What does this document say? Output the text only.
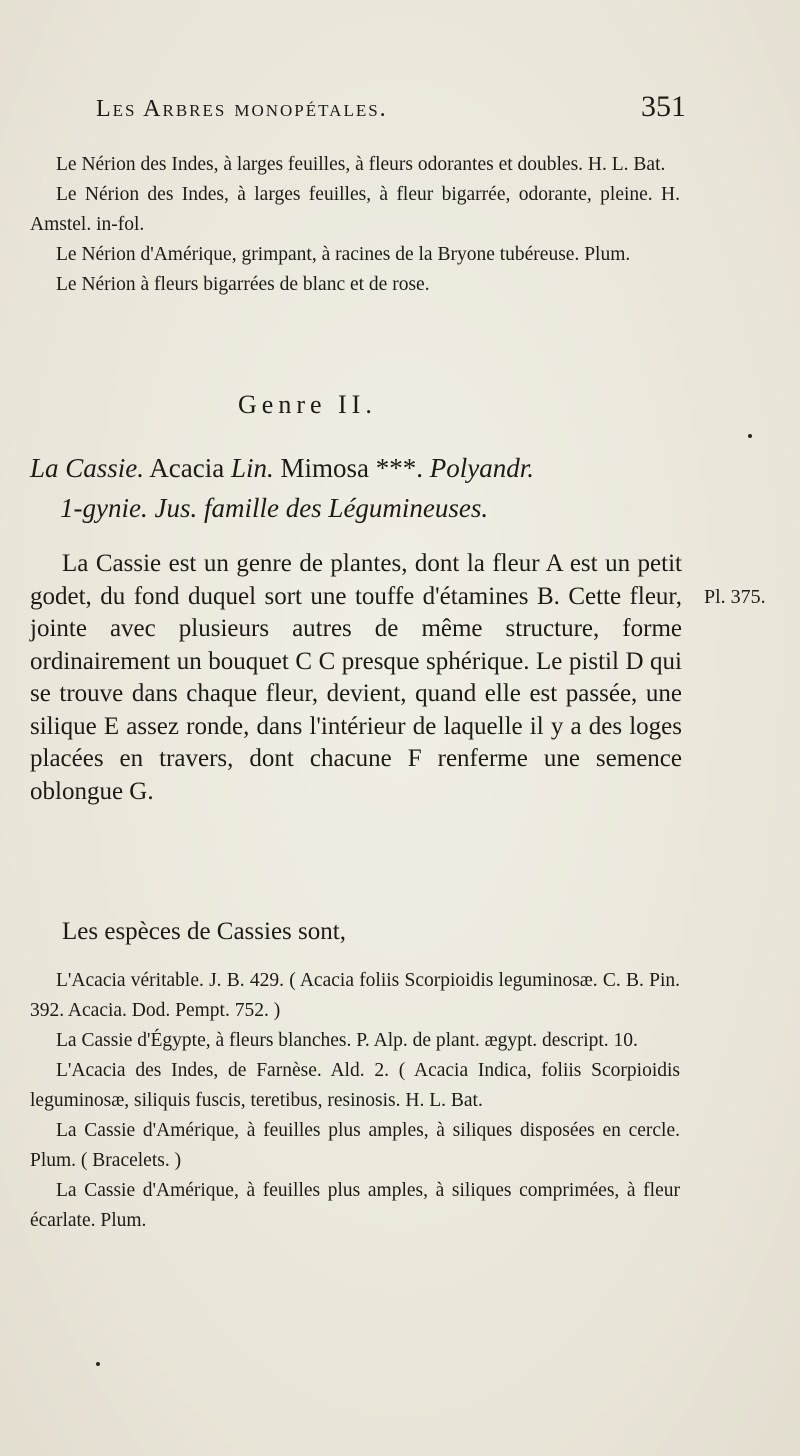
Les Arbres monopétales.	351

Le Nérion des Indes, à larges feuilles, à fleurs odorantes et doubles. H. L. Bat.

Le Nérion des Indes, à larges feuilles, à fleur bigarrée, odorante, pleine. H. Amstel. in-fol.

Le Nérion d'Amérique, grimpant, à racines de la Bryone tubéreuse. Plum.

Le Nérion à fleurs bigarrées de blanc et de rose.

Genre II.
La Cassie. Acacia Lin. Mimosa ***. Polyandr.
1-gynie. Jus. famille des Légumineuses.

La Cassie est un genre de plantes, dont la fleur A est un petit godet, du fond duquel sort une touffe d'étamines B. Cette fleur, jointe avec plusieurs autres de même structure, forme ordinairement un bouquet C C presque sphérique. Le pistil D qui se trouve dans chaque fleur, devient, quand elle est passée, une silique E assez ronde, dans l'intérieur de laquelle il y a des loges placées en travers, dont chacune F renferme une semence oblongue G.

Pl. 375.
Les espèces de Cassies sont,

L'Acacia véritable. J. B. 429. ( Acacia foliis Scorpioidis leguminosæ. C. B. Pin. 392. Acacia. Dod. Pempt. 752. )

La Cassie d'Égypte, à fleurs blanches. P. Alp. de plant. ægypt. descript. 10.

L'Acacia des Indes, de Farnèse. Ald. 2. ( Acacia Indica, foliis Scorpioidis leguminosæ, siliquis fuscis, teretibus, resinosis. H. L. Bat.

La Cassie d'Amérique, à feuilles plus amples, à siliques disposées en cercle. Plum. ( Bracelets. )

La Cassie d'Amérique, à feuilles plus amples, à siliques comprimées, à fleur écarlate. Plum.
